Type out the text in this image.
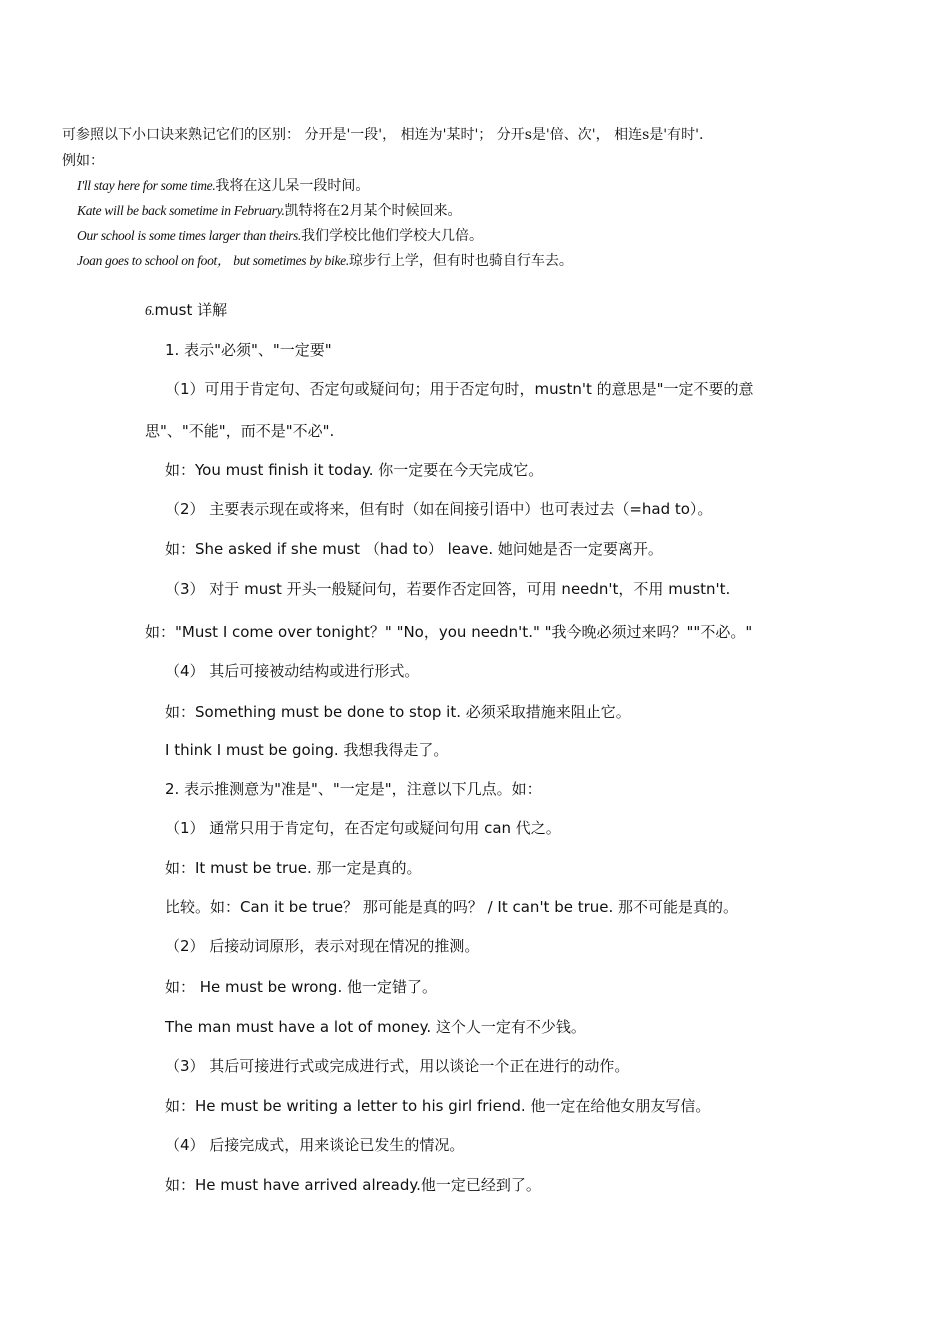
可参照以下小口诀来熟记它们的区别： 分开是'一段'， 相连为'某时'； 分开s是'倍、次'， 相连s是'有时'.
例如：
I'll stay here for some time.我将在这儿呆一段时间。
Kate will be back sometime in February.凯特将在2月某个时候回来。
Our school is some times larger than theirs.我们学校比他们学校大几倍。
Joan goes to school on foot， but sometimes by bike.琼步行上学，但有时也骑自行车去。
6.must 详解
1. 表示"必须"、"一定要"
（1）可用于肯定句、否定句或疑问句；用于否定句时，mustn't 的意思是"一定不要的意
思"、"不能"，而不是"不必".
如：You must finish it today. 你一定要在今天完成它。
（2） 主要表示现在或将来，但有时（如在间接引语中）也可表过去（=had to）。
如：She asked if she must （had to） leave. 她问她是否一定要离开。
（3） 对于 must 开头一般疑问句，若要作否定回答，可用 needn't，不用 mustn't.
如："Must I come over tonight？" "No，you needn't." "我今晚必须过来吗？""不必。"
（4） 其后可接被动结构或进行形式。
如：Something must be done to stop it. 必须采取措施来阻止它。
I think I must be going. 我想我得走了。
2. 表示推测意为"准是"、"一定是"，注意以下几点。如：
（1） 通常只用于肯定句，在否定句或疑问句用 can 代之。
如：It must be true. 那一定是真的。
比较。如：Can it be true？ 那可能是真的吗？ / It can't be true. 那不可能是真的。
（2） 后接动词原形，表示对现在情况的推测。
如： He must be wrong. 他一定错了。
The man must have a lot of money. 这个人一定有不少钱。
（3） 其后可接进行式或完成进行式，用以谈论一个正在进行的动作。
如：He must be writing a letter to his girl friend. 他一定在给他女朋友写信。
（4） 后接完成式，用来谈论已发生的情况。
如：He must have arrived already.他一定已经到了。
